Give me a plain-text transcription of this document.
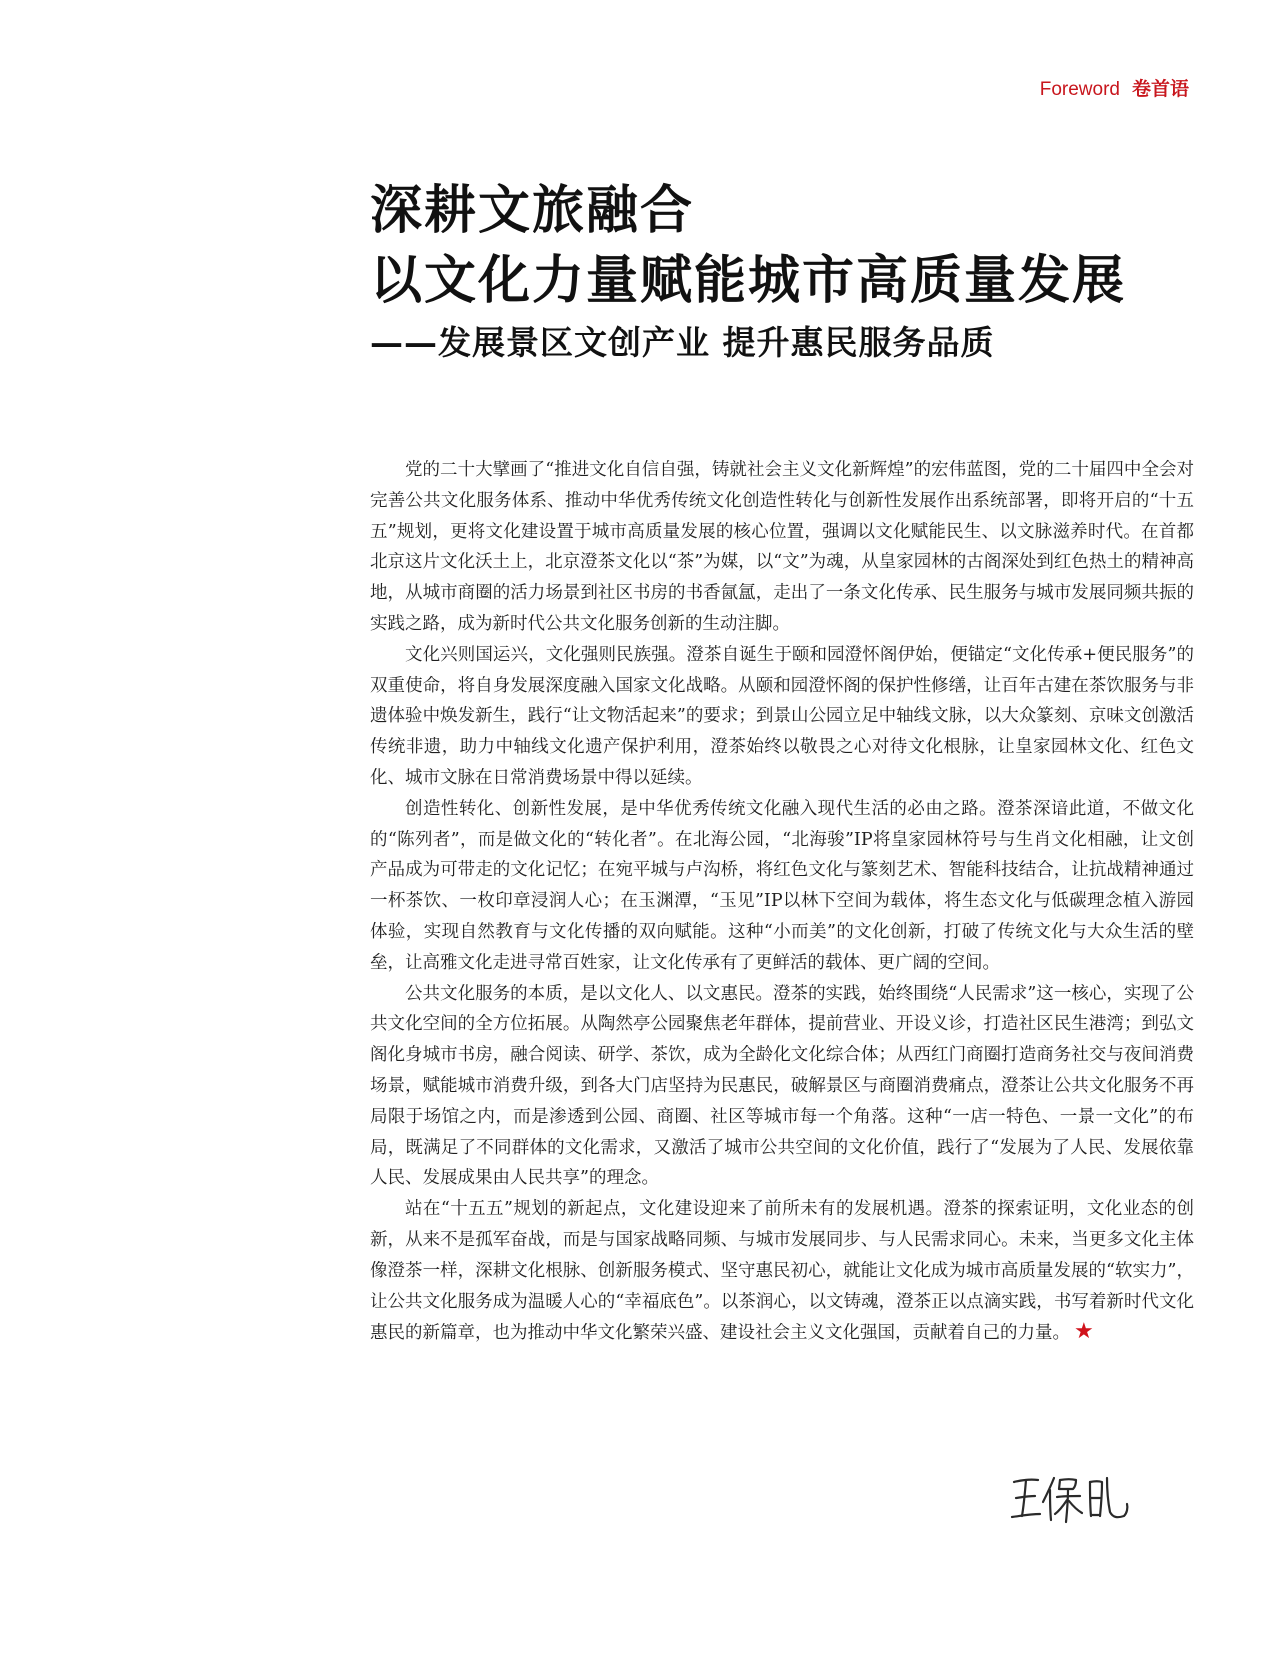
Foreword 卷首语
深耕文旅融合
以文化力量赋能城市高质量发展
——发展景区文创产业 提升惠民服务品质

党的二十大擘画了“推进文化自信自强，铸就社会主义文化新辉煌”的宏伟蓝图，党的二十届四中全会对完善公共文化服务体系、推动中华优秀传统文化创造性转化与创新性发展作出系统部署，即将开启的“十五五”规划，更将文化建设置于城市高质量发展的核心位置，强调以文化赋能民生、以文脉滋养时代。在首都北京这片文化沃土上，北京澄茶文化以“茶”为媒，以“文”为魂，从皇家园林的古阁深处到红色热土的精神高地，从城市商圈的活力场景到社区书房的书香氤氲，走出了一条文化传承、民生服务与城市发展同频共振的实践之路，成为新时代公共文化服务创新的生动注脚。

文化兴则国运兴，文化强则民族强。澄茶自诞生于颐和园澄怀阁伊始，便锚定“文化传承+便民服务”的双重使命，将自身发展深度融入国家文化战略。从颐和园澄怀阁的保护性修缮，让百年古建在茶饮服务与非遗体验中焕发新生，践行“让文物活起来”的要求；到景山公园立足中轴线文脉，以大众篆刻、京味文创激活传统非遗，助力中轴线文化遗产保护利用，澄茶始终以敬畏之心对待文化根脉，让皇家园林文化、红色文化、城市文脉在日常消费场景中得以延续。

创造性转化、创新性发展，是中华优秀传统文化融入现代生活的必由之路。澄茶深谙此道，不做文化的“陈列者”，而是做文化的“转化者”。在北海公园，“北海骏”IP将皇家园林符号与生肖文化相融，让文创产品成为可带走的文化记忆；在宛平城与卢沟桥，将红色文化与篆刻艺术、智能科技结合，让抗战精神通过一杯茶饮、一枚印章浸润人心；在玉渊潭，“玉见”IP以林下空间为载体，将生态文化与低碳理念植入游园体验，实现自然教育与文化传播的双向赋能。这种“小而美”的文化创新，打破了传统文化与大众生活的壁垒，让高雅文化走进寻常百姓家，让文化传承有了更鲜活的载体、更广阔的空间。

公共文化服务的本质，是以文化人、以文惠民。澄茶的实践，始终围绕“人民需求”这一核心，实现了公共文化空间的全方位拓展。从陶然亭公园聚焦老年群体，提前营业、开设义诊，打造社区民生港湾；到弘文阁化身城市书房，融合阅读、研学、茶饮，成为全龄化文化综合体；从西红门商圈打造商务社交与夜间消费场景，赋能城市消费升级，到各大门店坚持为民惠民，破解景区与商圈消费痛点，澄茶让公共文化服务不再局限于场馆之内，而是渗透到公园、商圈、社区等城市每一个角落。这种“一店一特色、一景一文化”的布局，既满足了不同群体的文化需求，又激活了城市公共空间的文化价值，践行了“发展为了人民、发展依靠人民、发展成果由人民共享”的理念。

站在“十五五”规划的新起点，文化建设迎来了前所未有的发展机遇。澄茶的探索证明，文化业态的创新，从来不是孤军奋战，而是与国家战略同频、与城市发展同步、与人民需求同心。未来，当更多文化主体像澄茶一样，深耕文化根脉、创新服务模式、坚守惠民初心，就能让文化成为城市高质量发展的“软实力”，让公共文化服务成为温暖人心的“幸福底色”。以茶润心，以文铸魂，澄茶正以点滴实践，书写着新时代文化惠民的新篇章，也为推动中华文化繁荣兴盛、建设社会主义文化强国，贡献着自己的力量。 ★
